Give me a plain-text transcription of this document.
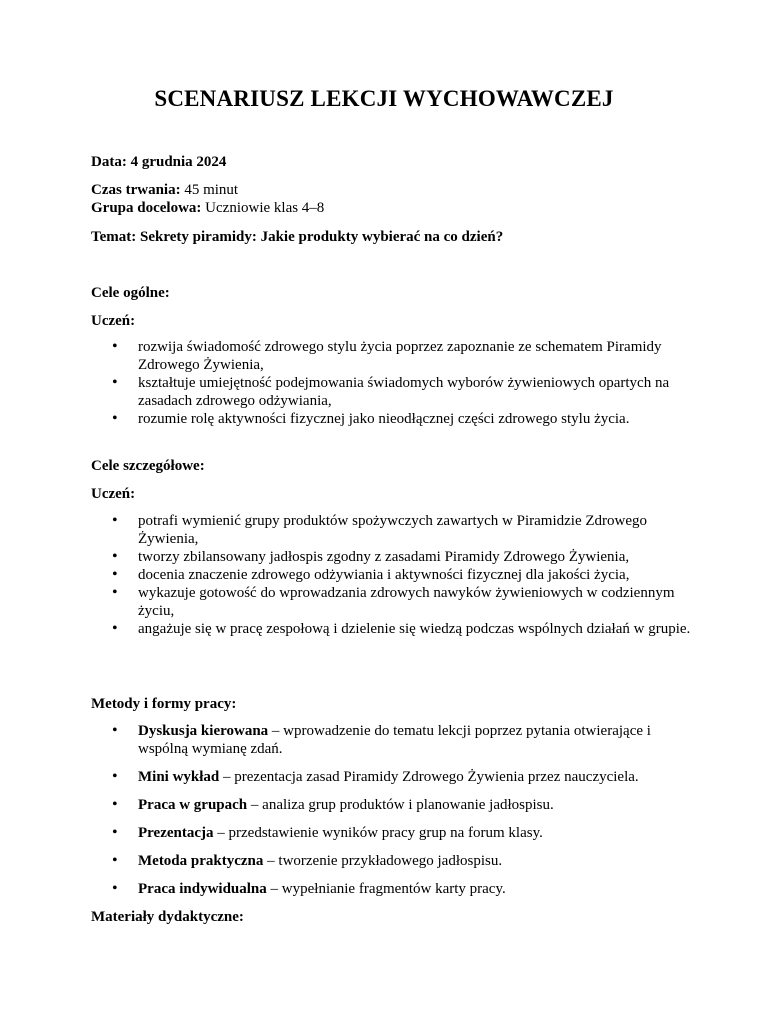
SCENARIUSZ LEKCJI WYCHOWAWCZEJ
Data: 4 grudnia 2024
Czas trwania: 45 minut
Grupa docelowa: Uczniowie klas 4–8
Temat: Sekrety piramidy: Jakie produkty wybierać na co dzień?
Cele ogólne:
Uczeń:
• rozwija świadomość zdrowego stylu życia poprzez zapoznanie ze schematem Piramidy Zdrowego Żywienia,
• kształtuje umiejętność podejmowania świadomych wyborów żywieniowych opartych na zasadach zdrowego odżywiania,
• rozumie rolę aktywności fizycznej jako nieodłącznej części zdrowego stylu życia.
Cele szczegółowe:
Uczeń:
• potrafi wymienić grupy produktów spożywczych zawartych w Piramidzie Zdrowego Żywienia,
• tworzy zbilansowany jadłospis zgodny z zasadami Piramidy Zdrowego Żywienia,
• docenia znaczenie zdrowego odżywiania i aktywności fizycznej dla jakości życia,
• wykazuje gotowość do wprowadzania zdrowych nawyków żywieniowych w codziennym życiu,
• angażuje się w pracę zespołową i dzielenie się wiedzą podczas wspólnych działań w grupie.
Metody i formy pracy:
• Dyskusja kierowana – wprowadzenie do tematu lekcji poprzez pytania otwierające i wspólną wymianę zdań.
• Mini wykład – prezentacja zasad Piramidy Zdrowego Żywienia przez nauczyciela.
• Praca w grupach – analiza grup produktów i planowanie jadłospisu.
• Prezentacja – przedstawienie wyników pracy grup na forum klasy.
• Metoda praktyczna – tworzenie przykładowego jadłospisu.
• Praca indywidualna – wypełnianie fragmentów karty pracy.
Materiały dydaktyczne:
